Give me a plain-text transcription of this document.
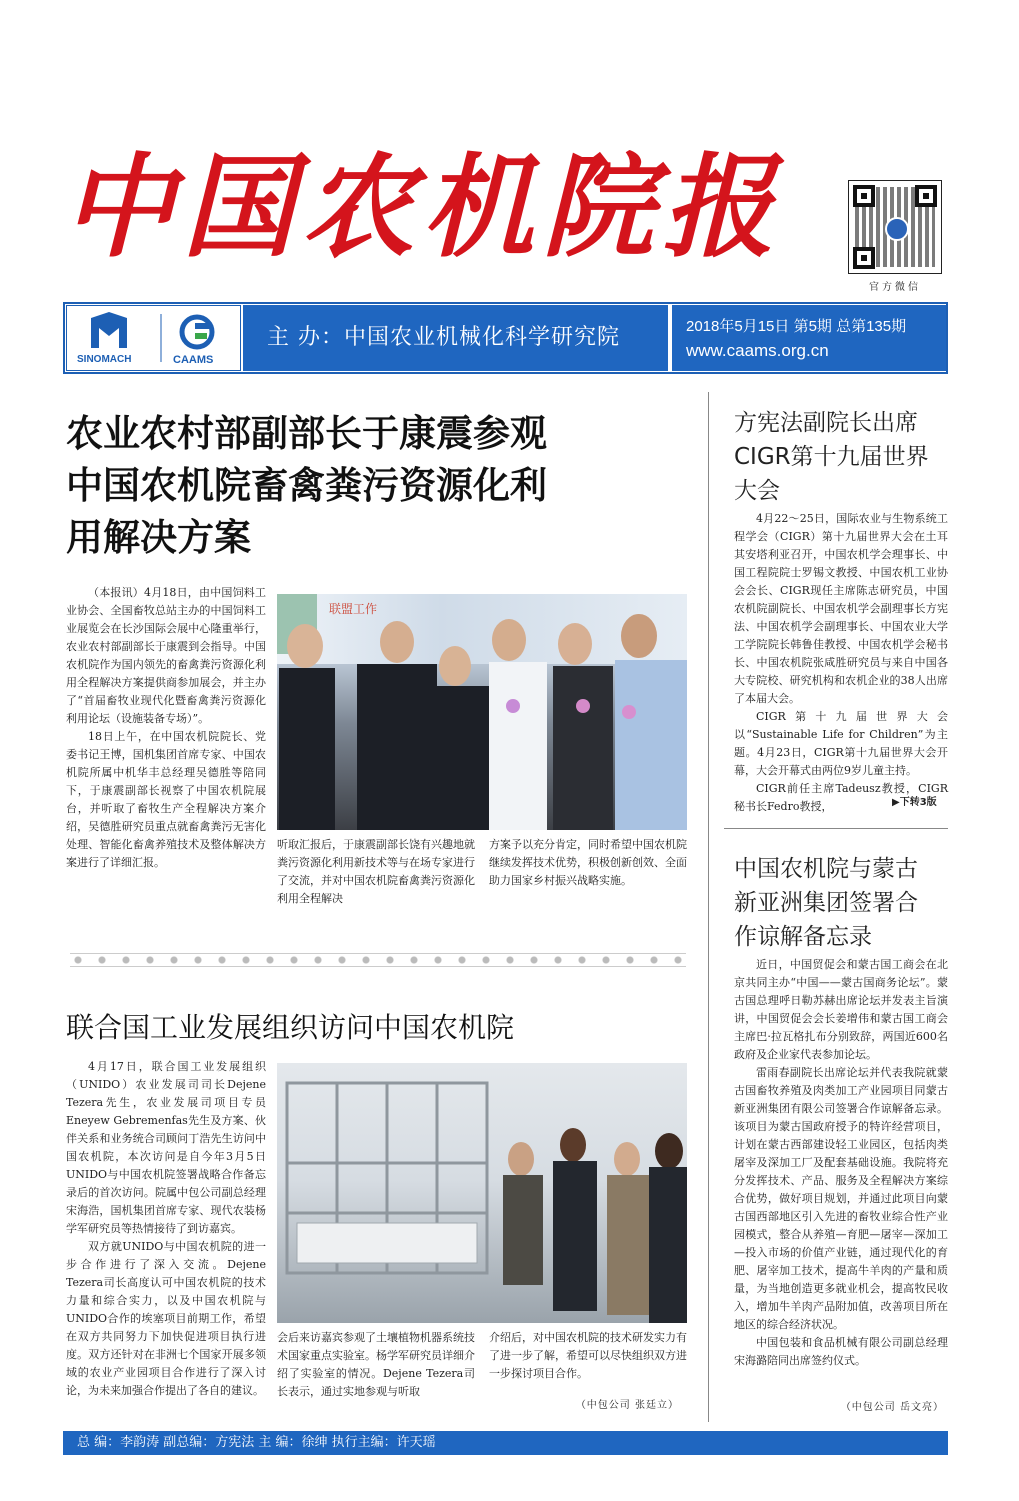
中国农机院报
官方微信
SINOMACH	CAAMS
主 办：中国农业机械化科学研究院	2018年5月15日 第5期 总第135期
www.caams.org.cn
农业农村部副部长于康震参观
中国农机院畜禽粪污资源化利
用解决方案

（本报讯）4月18日，由中国饲料工业协会、全国畜牧总站主办的中国饲料工业展览会在长沙国际会展中心隆重举行，农业农村部副部长于康震到会指导。中国农机院作为国内领先的畜禽粪污资源化利用全程解决方案提供商参加展会，并主办了“首届畜牧业现代化暨畜禽粪污资源化利用论坛（设施装备专场）”。

18日上午，在中国农机院院长、党委书记王博，国机集团首席专家、中国农机院所属中机华丰总经理吴德胜等陪同下，于康震副部长视察了中国农机院展台，并听取了畜牧生产全程解决方案介绍，吴德胜研究员重点就畜禽粪污无害化处理、智能化畜禽养殖技术及整体解决方案进行了详细汇报。

联盟工作
听取汇报后，于康震副部长饶有兴趣地就粪污资源化利用新技术等与在场专家进行了交流，并对中国农机院畜禽粪污资源化利用全程解决
方案予以充分肯定，同时希望中国农机院继续发挥技术优势，积极创新创效、全面助力国家乡村振兴战略实施。
联合国工业发展组织访问中国农机院

4月17日，联合国工业发展组织（UNIDO）农业发展司司长Dejene Tezera先生，农业发展司项目专员Eneyew Gebremenfas先生及方案、伙伴关系和业务统合司顾问丁浩先生访问中国农机院，本次访问是自今年3月5日UNIDO与中国农机院签署战略合作备忘录后的首次访问。院属中包公司副总经理宋海浩，国机集团首席专家、现代农装杨学军研究员等热情接待了到访嘉宾。

双方就UNIDO与中国农机院的进一步合作进行了深入交流。Dejene Tezera司长高度认可中国农机院的技术力量和综合实力，以及中国农机院与UNIDO合作的埃塞项目前期工作，希望在双方共同努力下加快促进项目执行进度。双方还针对在非洲七个国家开展多领域的农业产业园项目合作进行了深入讨论，为未来加强合作提出了各自的建议。

会后来访嘉宾参观了土壤植物机器系统技术国家重点实验室。杨学军研究员详细介绍了实验室的情况。Dejene Tezera司长表示，通过实地参观与听取
介绍后，对中国农机院的技术研发实力有了进一步了解，希望可以尽快组织双方进一步探讨项目合作。
（中包公司 张廷立）
方宪法副院长出席
CIGR第十九届世界
大会

4月22～25日，国际农业与生物系统工程学会（CIGR）第十九届世界大会在土耳其安塔利亚召开，中国农机学会理事长、中国工程院院士罗锡文教授、中国农机工业协会会长、CIGR现任主席陈志研究员，中国农机院副院长、中国农机学会副理事长方宪法、中国农机学会副理事长、中国农业大学工学院院长韩鲁佳教授、中国农机学会秘书长、中国农机院张咸胜研究员与来自中国各大专院校、研究机构和农机企业的38人出席了本届大会。

CIGR第十九届世界大会以“Sustainable Life for Children”为主题。4月23日，CIGR第十九届世界大会开幕，大会开幕式由两位9岁儿童主持。

CIGR前任主席Tadeusz教授，CIGR秘书长Fedro教授，	▶下转3版
中国农机院与蒙古
新亚洲集团签署合
作谅解备忘录

近日，中国贸促会和蒙古国工商会在北京共同主办“中国——蒙古国商务论坛”。蒙古国总理呼日勒苏赫出席论坛并发表主旨演讲，中国贸促会会长姜增伟和蒙古国工商会主席巴·拉瓦格扎布分别致辞，两国近600名政府及企业家代表参加论坛。

雷雨春副院长出席论坛并代表我院就蒙古国畜牧养殖及肉类加工产业园项目同蒙古新亚洲集团有限公司签署合作谅解备忘录。该项目为蒙古国政府授予的特许经营项目，计划在蒙古西部建设轻工业园区，包括肉类屠宰及深加工厂及配套基础设施。我院将充分发挥技术、产品、服务及全程解决方案综合优势，做好项目规划，并通过此项目向蒙古国西部地区引入先进的畜牧业综合性产业园模式，整合从养殖—育肥—屠宰—深加工—投入市场的价值产业链，通过现代化的育肥、屠宰加工技术，提高牛羊肉的产量和质量，为当地创造更多就业机会，提高牧民收入，增加牛羊肉产品附加值，改善项目所在地区的综合经济状况。

中国包装和食品机械有限公司副总经理宋海潞陪同出席签约仪式。

（中包公司 岳文亮）
总 编：李韵涛 副总编：方宪法 主 编：徐绅 执行主编：许天瑶
